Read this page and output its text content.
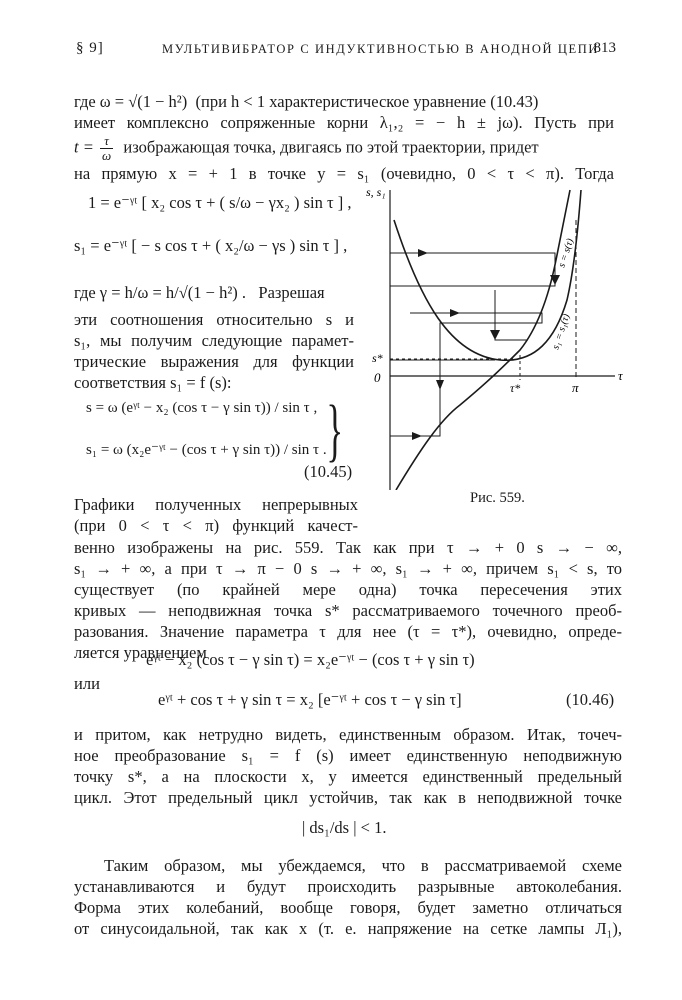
§ 9]	МУЛЬТИВИБРАТОР С ИНДУКТИВНОСТЬЮ В АНОДНОЙ ЦЕПИ
813
где ω = √(1 − h²) (при h < 1 характеристическое уравнение (10.43)
имеет комплексно сопряженные корни λ₁,₂ = − h ± jω). Пусть при
$t = \frac{\tau}{\omega}$ изображающая точка, двигаясь по этой траектории, придет
на прямую x = + 1 в точке y = s₁ (очевидно, 0 < τ < π). Тогда
1 = e⁻ᵞᵗ [ x₂ cos τ + ( s/ω − γx₂ ) sin τ ] ,
s₁ = e⁻ᵞᵗ [ − s cos τ + ( x₂/ω − γs ) sin τ ] ,
где γ = h/ω = h/√(1 − h²) . Разрешая
эти соотношения относительно s и
s₁, мы получим следующие парамет-
трические выражения для функции
соответствия s₁ = f (s):
s = ω (eᵞᵗ − x₂ (cos τ − γ sin τ)) / sin τ ,
s₁ = ω (x₂e⁻ᵞᵗ − (cos τ + γ sin τ)) / sin τ . }
(10.45)
Графики полученных непрерывных
(при 0 < τ < π) функций качест-
венно изображены на рис. 559. Так как при τ → + 0 s → − ∞,
s₁ → + ∞, а при τ → π − 0 s → + ∞, s₁ → + ∞, причем s₁ < s, то
существует (по крайней мере одна) точка пересечения этих
кривых — неподвижная точка s* рассматриваемого точечного преоб-
разования. Значение параметра τ для нее (τ = τ*), очевидно, опреде-
ляется уравнением
eᵞᵗ − x₂ (cos τ − γ sin τ) = x₂e⁻ᵞᵗ − (cos τ + γ sin τ)
или
eᵞᵗ + cos τ + γ sin τ = x₂ [e⁻ᵞᵗ + cos τ − γ sin τ]	(10.46)
и притом, как нетрудно видеть, единственным образом. Итак, точеч-
ное преобразование s₁ = f (s) имеет единственную неподвижную
точку s*, а на плоскости x, y имеется единственный предельный
цикл. Этот предельный цикл устойчив, так как в неподвижной точке
| ds₁/ds | < 1.
Таким образом, мы убеждаемся, что в рассматриваемой схеме
устанавливаются и будут происходить разрывные автоколебания.
Форма этих колебаний, вообще говоря, будет заметно отличаться
от синусоидальной, так как x (т. е. напряжение на сетке лампы Л₁),
s, s₁
τ
0
s*
τ*	π
s = s(τ)
s₁ = s₁(τ)
Рис. 559.
